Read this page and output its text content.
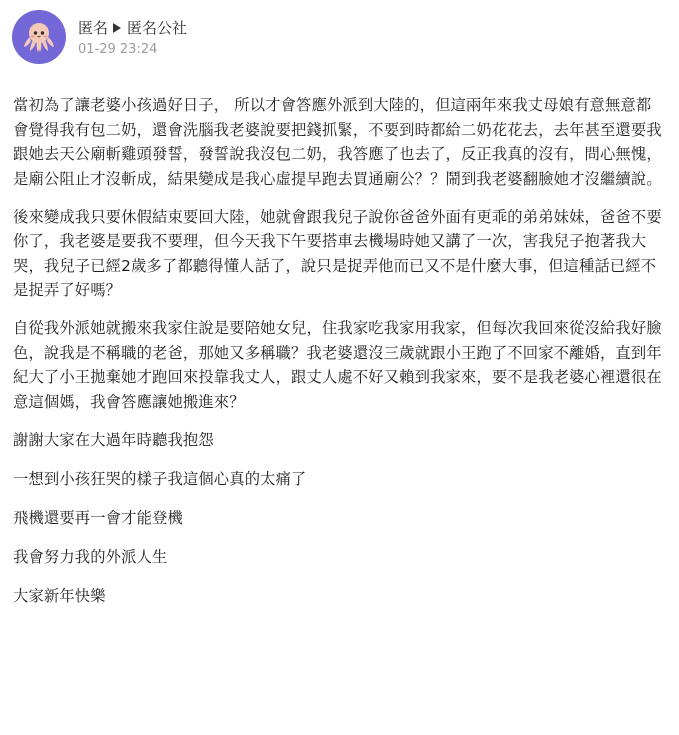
匿名 匿名公社
01-29 23:24

當初為了讓老婆小孩過好日子， 所以才會答應外派到大陸的，但這兩年來我丈母娘有意無意都會覺得我有包二奶，還會洗腦我老婆說要把錢抓緊，不要到時都給二奶花花去，去年甚至還要我跟她去天公廟斬雞頭發誓，發誓說我沒包二奶，我答應了也去了，反正我真的沒有，問心無愧，是廟公阻止才沒斬成，結果變成是我心虛提早跑去買通廟公？？鬧到我老婆翻臉她才沒繼續說。

後來變成我只要休假結束要回大陸，她就會跟我兒子說你爸爸外面有更乖的弟弟妹妹，爸爸不要你了，我老婆是要我不要理，但今天我下午要搭車去機場時她又講了一次，害我兒子抱著我大哭，我兒子已經2歲多了都聽得懂人話了，說只是捉弄他而已又不是什麼大事，但這種話已經不是捉弄了好嗎？

自從我外派她就搬來我家住說是要陪她女兒，住我家吃我家用我家，但每次我回來從沒給我好臉色，說我是不稱職的老爸，那她又多稱職？我老婆還沒三歲就跟小王跑了不回家不離婚，直到年紀大了小王拋棄她才跑回來投靠我丈人，跟丈人處不好又賴到我家來，要不是我老婆心裡還很在意這個媽，我會答應讓她搬進來？

謝謝大家在大過年時聽我抱怨

一想到小孩狂哭的樣子我這個心真的太痛了

飛機還要再一會才能登機

我會努力我的外派人生

大家新年快樂
